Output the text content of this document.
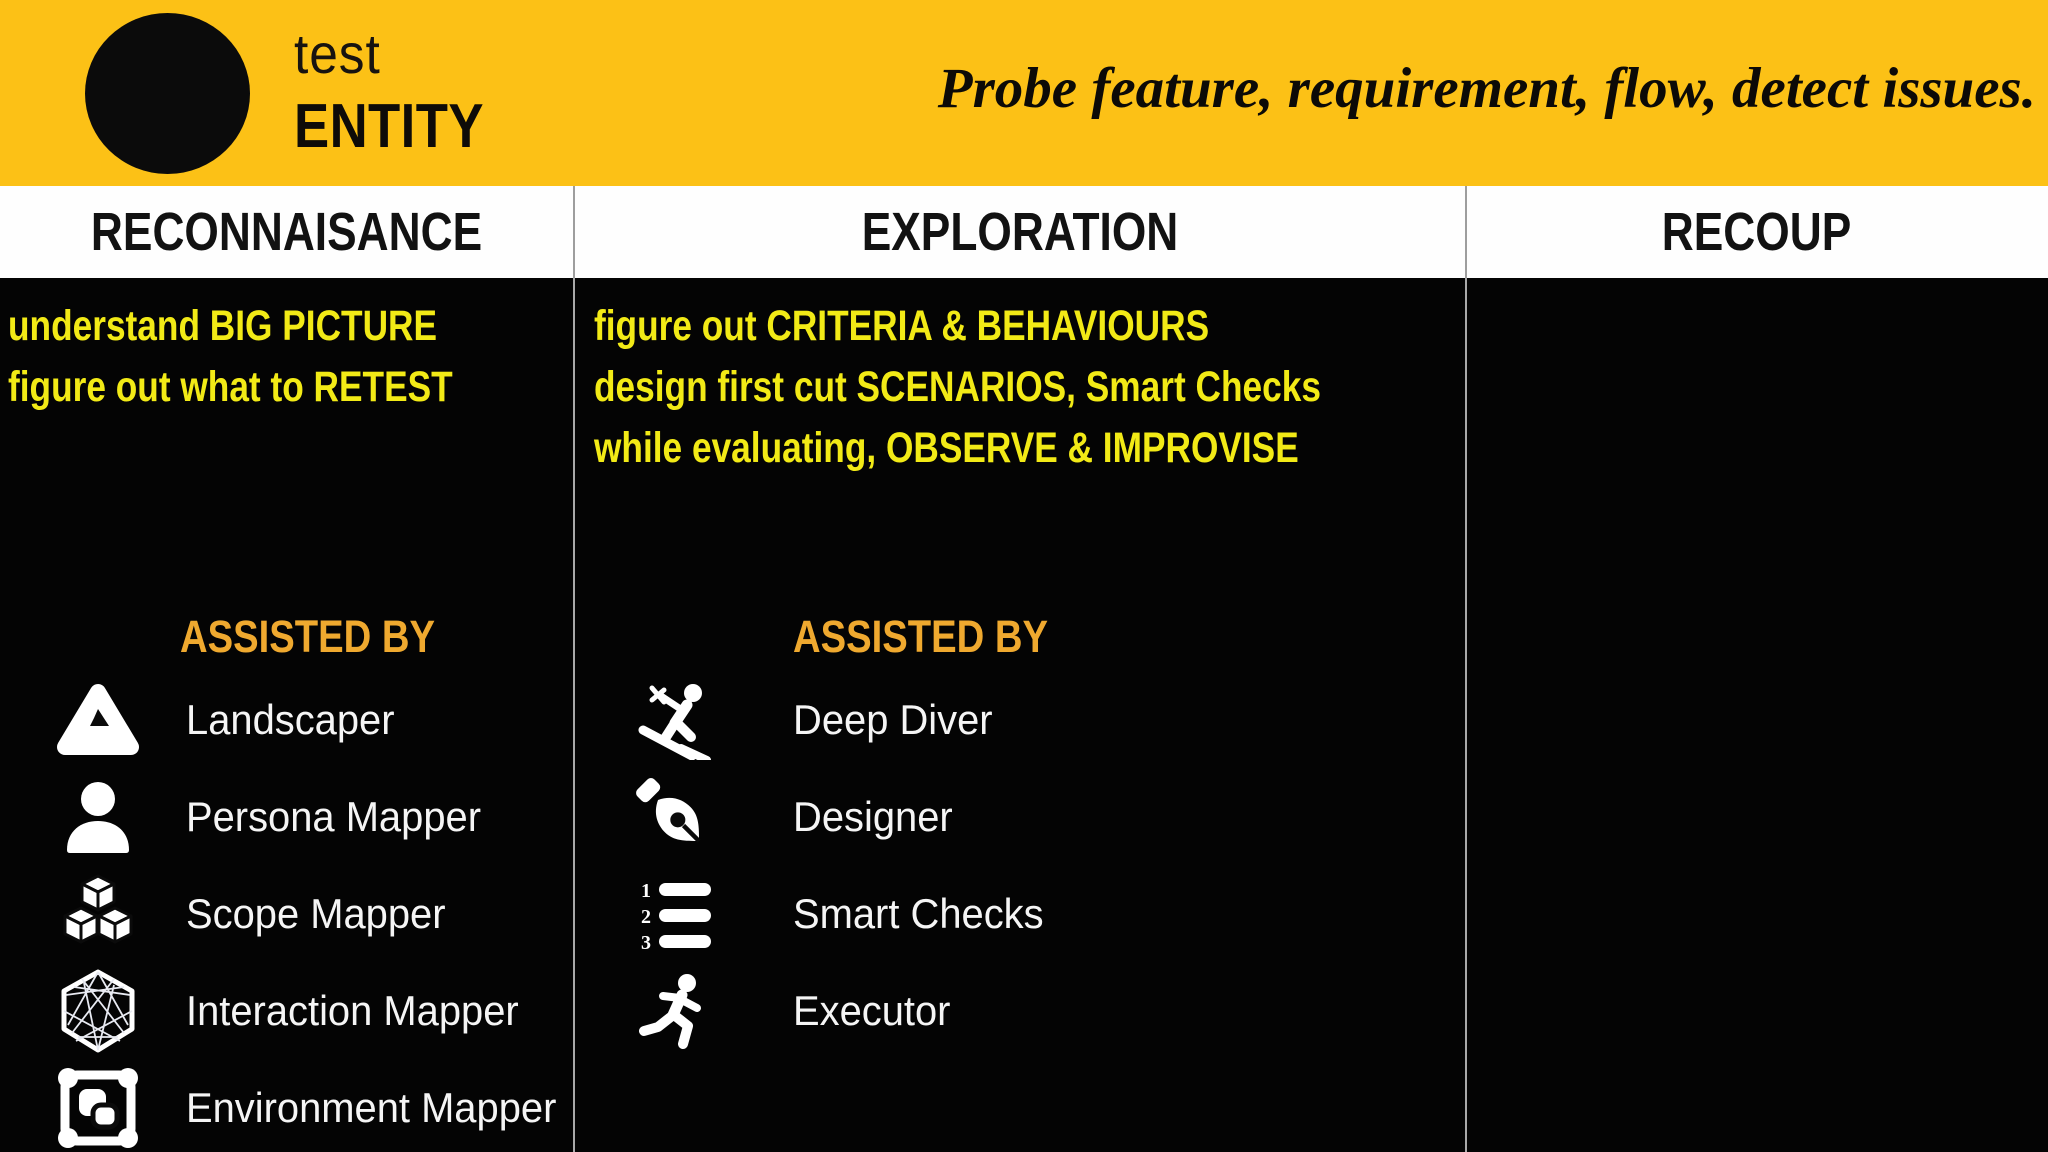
test
ENTITY
Probe feature, requirement, flow, detect issues.
RECONNAISANCE	EXPLORATION	RECOUP
understand BIG PICTURE
figure out what to RETEST
ASSISTED BY
Landscaper
Persona Mapper
Scope Mapper
Interaction Mapper
Environment Mapper
figure out CRITERIA & BEHAVIOURS
design first cut SCENARIOS, Smart Checks
while evaluating, OBSERVE & IMPROVISE
ASSISTED BY
Deep Diver
Designer
1
2
3
Smart Checks
Executor
